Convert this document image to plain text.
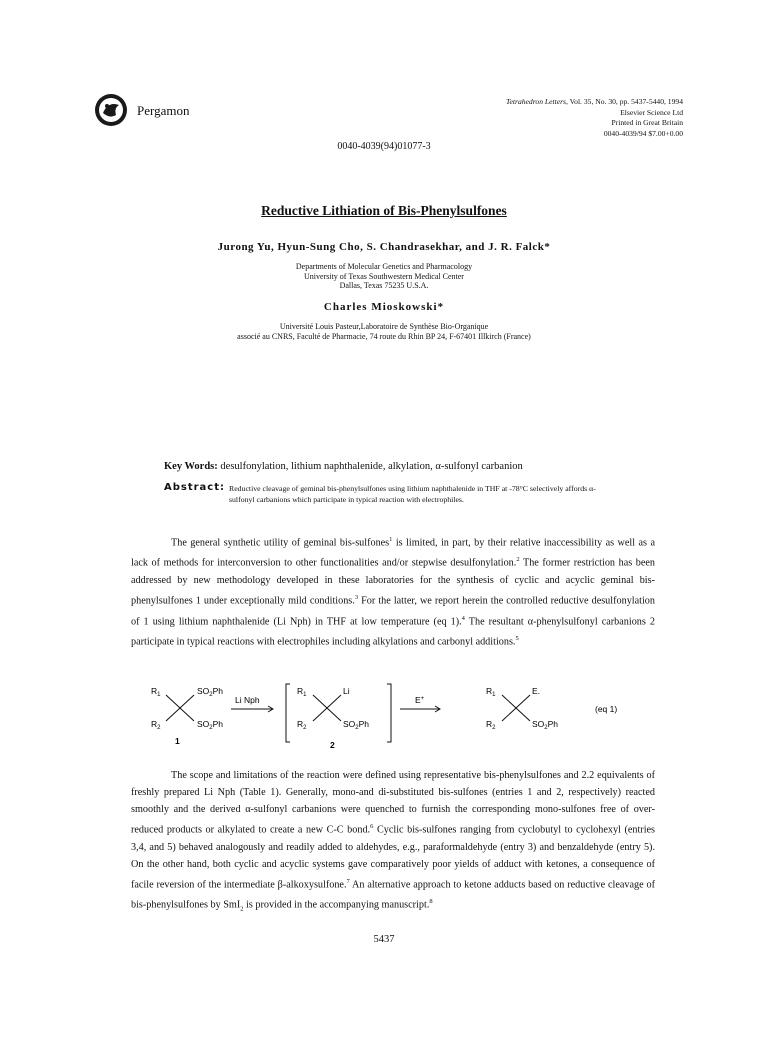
Pergamon
Tetrahedron Letters, Vol. 35, No. 30, pp. 5437-5440, 1994
Elsevier Science Ltd
Printed in Great Britain
0040-4039/94 $7.00+0.00
0040-4039(94)01077-3
Reductive Lithiation of Bis-Phenylsulfones
Jurong Yu, Hyun-Sung Cho, S. Chandrasekhar, and J. R. Falck*
Departments of Molecular Genetics and Pharmacology
University of Texas Southwestern Medical Center
Dallas, Texas 75235 U.S.A.
Charles Mioskowski*
Université Louis Pasteur,Laboratoire de Synthèse Bio-Organique
associé au CNRS, Faculté de Pharmacie, 74 route du Rhin BP 24, F-67401 Illkirch (France)
Key Words: desulfonylation, lithium naphthalenide, alkylation, α-sulfonyl carbanion
Abstract: Reductive cleavage of geminal bis-phenylsulfones using lithium naphthalenide in THF at -78°C selectively affords α-sulfonyl carbanions which participate in typical reaction with electrophiles.
The general synthetic utility of geminal bis-sulfones$^1$ is limited, in part, by their relative inaccessibility as well as a lack of methods for interconversion to other functionalities and/or stepwise desulfonylation.$^2$ The former restriction has been addressed by new methodology developed in these laboratories for the synthesis of cyclic and acyclic geminal bis-phenylsulfones 1 under exceptionally mild conditions.$^3$ For the latter, we report herein the controlled reductive desulfonylation of 1 using lithium naphthalenide (Li Nph) in THF at low temperature (eq 1).$^4$ The resultant α-phenylsulfonyl carbanions 2 participate in typical reactions with electrophiles including alkylations and carbonyl additions.$^5$
$R_1$
$R_2$
$SO_2Ph$
$SO_2Ph$
1
Li Nph
$R_1$
$R_2$
Li
$SO_2Ph$
2
E+
$R_1$
$R_2$
E.
$SO_2Ph$
(eq 1)
The scope and limitations of the reaction were defined using representative bis-phenylsulfones and 2.2 equivalents of freshly prepared Li Nph (Table 1). Generally, mono-and di-substituted bis-sulfones (entries 1 and 2, respectively) reacted smoothly and the derived α-sulfonyl carbanions were quenched to furnish the corresponding mono-sulfones free of over-reduced products or alkylated to create a new C-C bond.$^6$ Cyclic bis-sulfones ranging from cyclobutyl to cyclohexyl (entries 3,4, and 5) behaved analogously and readily added to aldehydes, e.g., paraformaldehyde (entry 3) and benzaldehyde (entry 5). On the other hand, both cyclic and acyclic systems gave comparatively poor yields of adduct with ketones, a consequence of facile reversion of the intermediate β-alkoxysulfone.$^7$ An alternative approach to ketone adducts based on reductive cleavage of bis-phenylsulfones by SmI$_2$ is provided in the accompanying manuscript.$^8$
5437
